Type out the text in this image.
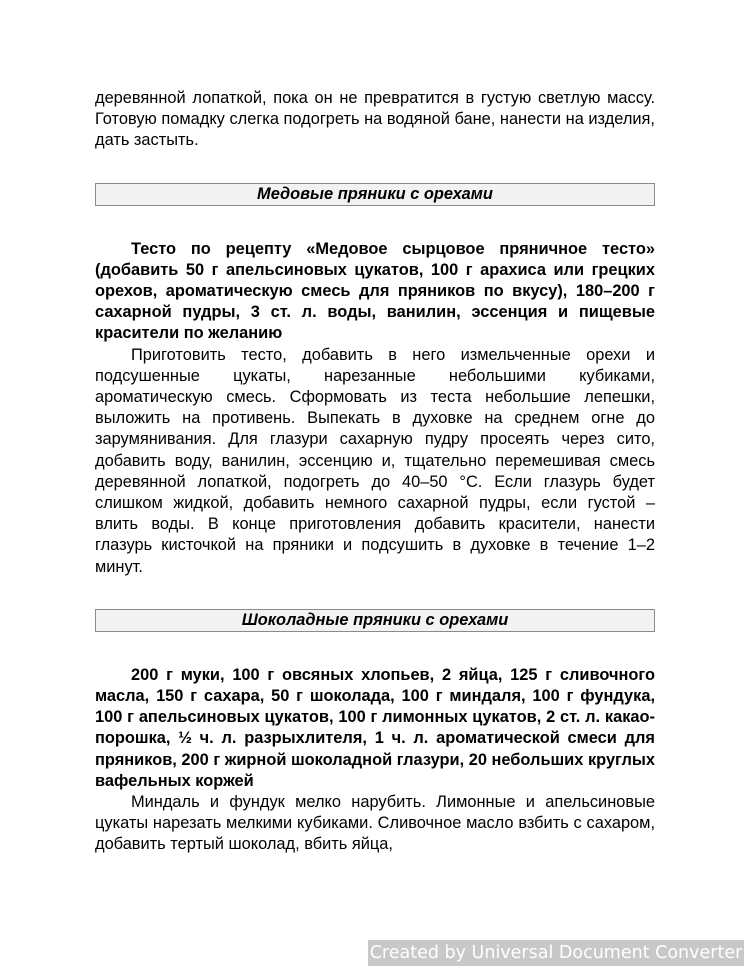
деревянной лопаткой, пока он не превратится в густую светлую массу. Готовую помадку слегка подогреть на водяной бане, нанести на изделия, дать застыть.

Медовые пряники с орехами

Тесто по рецепту «Медовое сырцовое пряничное тесто» (добавить 50 г апельсиновых цукатов, 100 г арахиса или грецких орехов, ароматическую смесь для пряников по вкусу), 180–200 г сахарной пудры, 3 ст. л. воды, ванилин, эссенция и пищевые красители по желанию

Приготовить тесто, добавить в него измельченные орехи и подсушенные цукаты, нарезанные небольшими кубиками, ароматическую смесь. Сформовать из теста небольшие лепешки, выложить на противень. Выпекать в духовке на среднем огне до зарумянивания. Для глазури сахарную пудру просеять через сито, добавить воду, ванилин, эссенцию и, тщательно перемешивая смесь деревянной лопаткой, подогреть до 40–50 °С. Если глазурь будет слишком жидкой, добавить немного сахарной пудры, если густой – влить воды. В конце приготовления добавить красители, нанести глазурь кисточкой на пряники и подсушить в духовке в течение 1–2 минут.

Шоколадные пряники с орехами

200 г муки, 100 г овсяных хлопьев, 2 яйца, 125 г сливочного масла, 150 г сахара, 50 г шоколада, 100 г миндаля, 100 г фундука, 100 г апельсиновых цукатов, 100 г лимонных цукатов, 2 ст. л. какао-порошка, ½ ч. л. разрыхлителя, 1 ч. л. ароматической смеси для пряников, 200 г жирной шоколадной глазури, 20 небольших круглых вафельных коржей

Миндаль и фундук мелко нарубить. Лимонные и апельсиновые цукаты нарезать мелкими кубиками. Сливочное масло взбить с сахаром, добавить тертый шоколад, вбить яйца,

Created by Universal Document Converter
